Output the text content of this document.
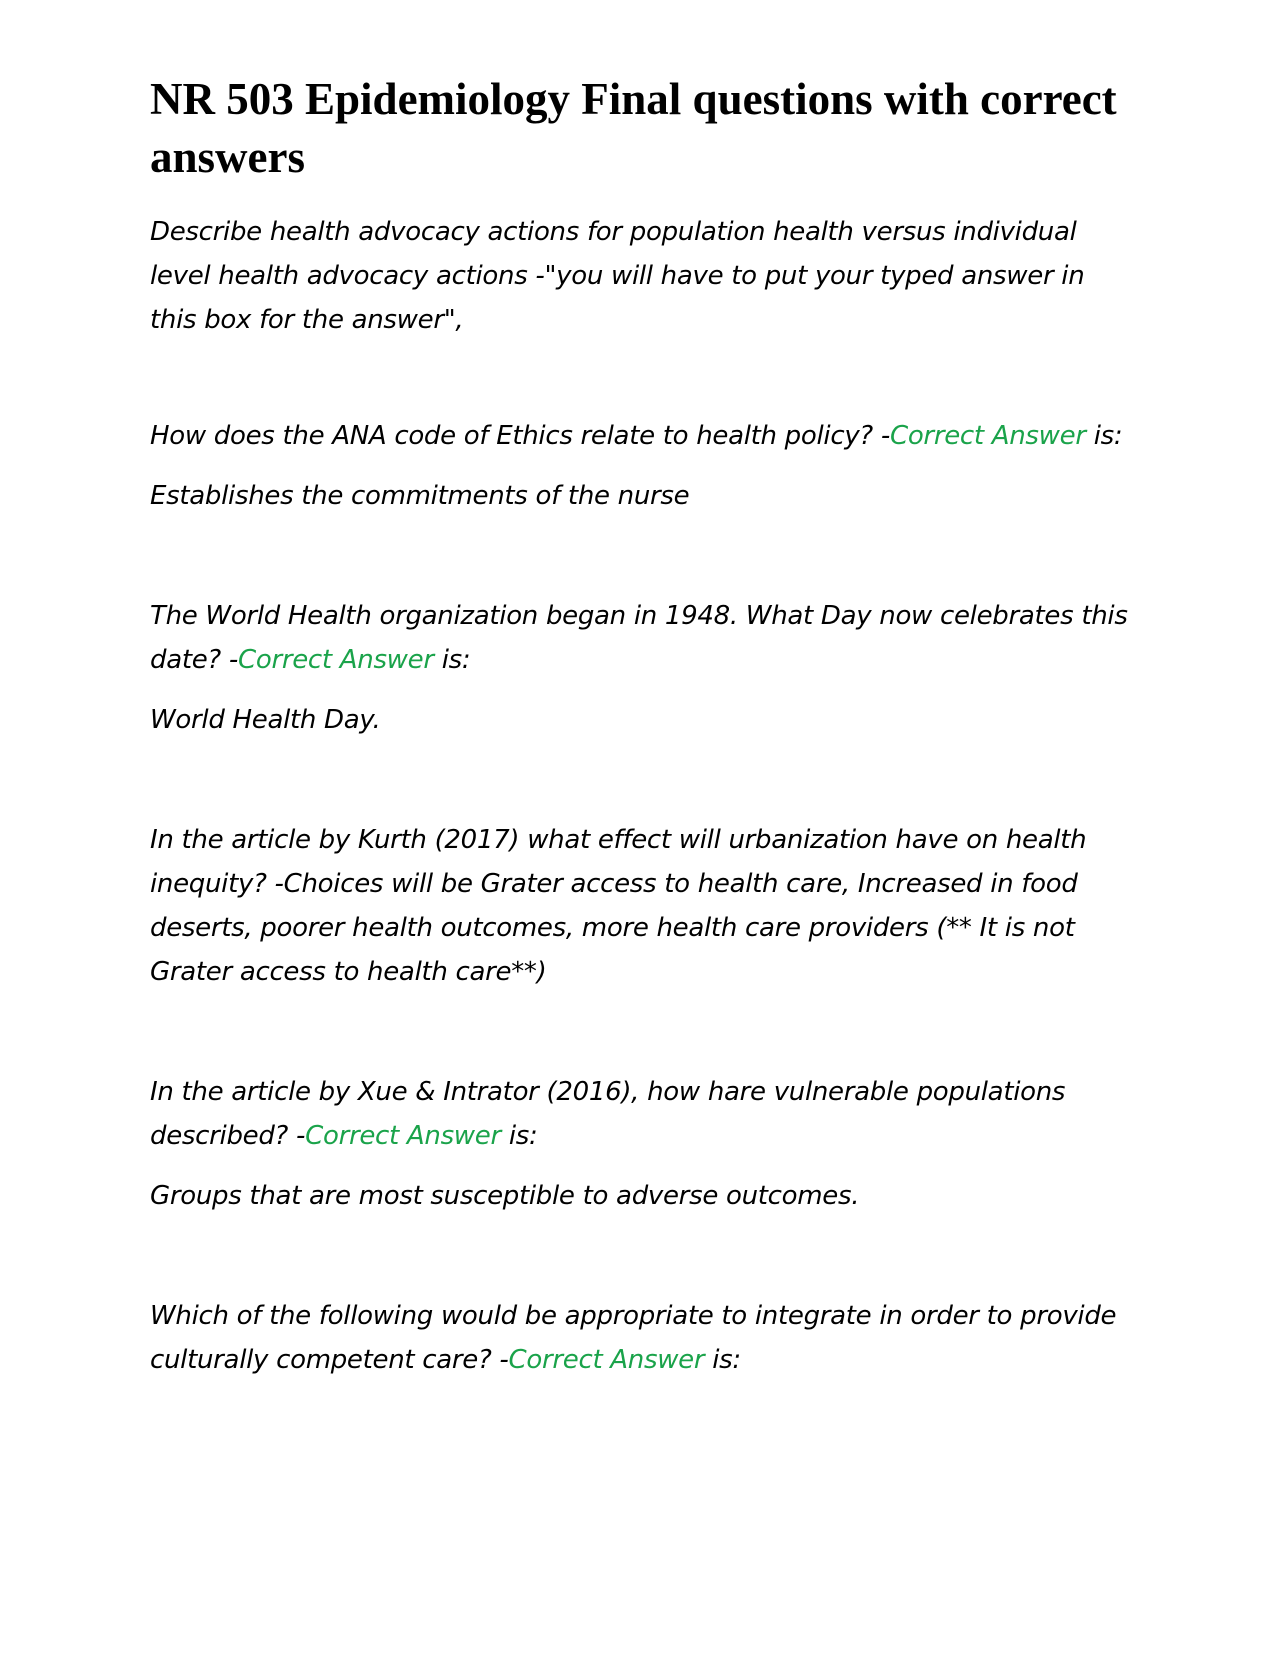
NR 503 Epidemiology Final questions with correct answers

Describe health advocacy actions for population health versus individual level health advocacy actions -"you will have to put your typed answer in this box for the answer",

How does the ANA code of Ethics relate to health policy? -Correct Answer is:

Establishes the commitments of the nurse

The World Health organization began in 1948. What Day now celebrates this date? -Correct Answer is:

World Health Day.

In the article by Kurth (2017) what effect will urbanization have on health inequity? -Choices will be Grater access to health care, Increased in food deserts, poorer health outcomes, more health care providers (** It is not Grater access to health care**)

In the article by Xue & Intrator (2016), how hare vulnerable populations described? -Correct Answer is:

Groups that are most susceptible to adverse outcomes.

Which of the following would be appropriate to integrate in order to provide culturally competent care? -Correct Answer is:
